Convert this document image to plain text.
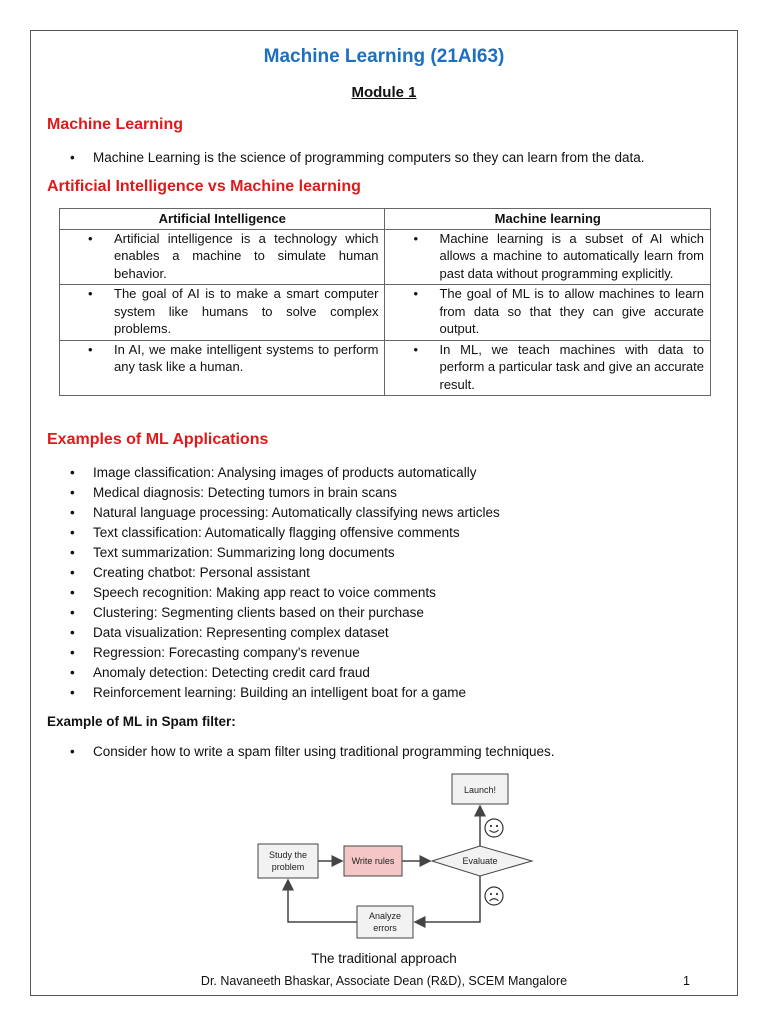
Machine Learning (21AI63)
Module 1
Machine Learning
• Machine Learning is the science of programming computers so they can learn from the data.
Artificial Intelligence vs Machine learning
Artificial Intelligence	Machine learning

• Artificial intelligence is a technology which enables a machine to simulate human behavior.	• Machine learning is a subset of AI which allows a machine to automatically learn from past data without programming explicitly.

• The goal of AI is to make a smart computer system like humans to solve complex problems.	• The goal of ML is to allow machines to learn from data so that they can give accurate output.

• In AI, we make intelligent systems to perform any task like a human.	• In ML, we teach machines with data to perform a particular task and give an accurate result.
Examples of ML Applications
• Image classification: Analysing images of products automatically
• Medical diagnosis: Detecting tumors in brain scans
• Natural language processing: Automatically classifying news articles
• Text classification: Automatically flagging offensive comments
• Text summarization: Summarizing long documents
• Creating chatbot: Personal assistant
• Speech recognition: Making app react to voice comments
• Clustering: Segmenting clients based on their purchase
• Data visualization: Representing complex dataset
• Regression: Forecasting company's revenue
• Anomaly detection: Detecting credit card fraud
• Reinforcement learning: Building an intelligent boat for a game
Example of ML in Spam filter:
• Consider how to write a spam filter using traditional programming techniques.
Launch!
Study the
problem
Write rules	Evaluate
Analyze
errors
The traditional approach
Dr. Navaneeth Bhaskar, Associate Dean (R&D), SCEM Mangalore	1
